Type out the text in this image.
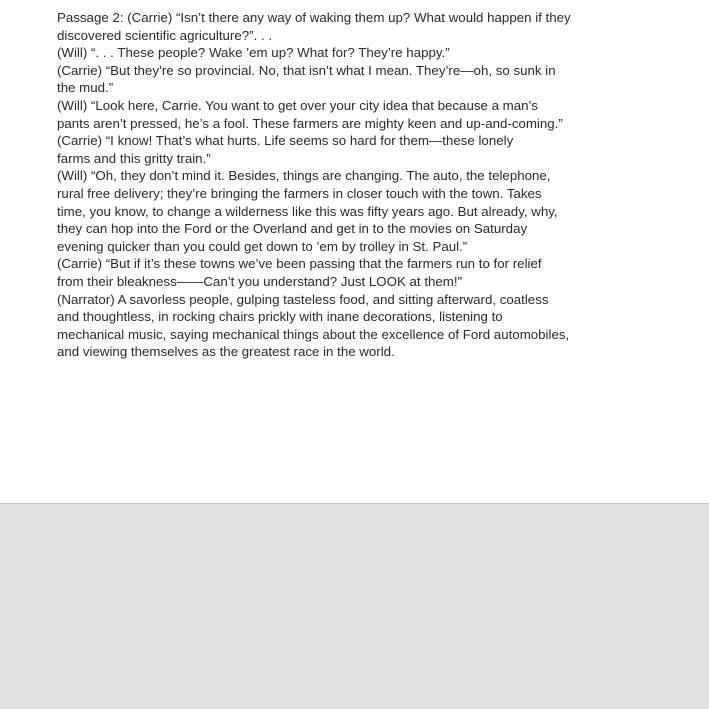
Passage 2: (Carrie) “Isn’t there any way of waking them up? What would happen if they
discovered scientific agriculture?”. . .

(Will) “. . . These people? Wake ’em up? What for? They’re happy.”

(Carrie) “But they’re so provincial. No, that isn’t what I mean. They’re—oh, so sunk in
the mud.”

(Will) “Look here, Carrie. You want to get over your city idea that because a man’s
pants aren’t pressed, he’s a fool. These farmers are mighty keen and up-and-coming.”

(Carrie) “I know! That’s what hurts. Life seems so hard for them—these lonely
farms and this gritty train.”

(Will) “Oh, they don’t mind it. Besides, things are changing. The auto, the telephone,
rural free delivery; they’re bringing the farmers in closer touch with the town. Takes
time, you know, to change a wilderness like this was fifty years ago. But already, why,
they can hop into the Ford or the Overland and get in to the movies on Saturday
evening quicker than you could get down to ’em by trolley in St. Paul.”

(Carrie) “But if it’s these towns we’ve been passing that the farmers run to for relief
from their bleakness——Can’t you understand? Just LOOK at them!”

(Narrator) A savorless people, gulping tasteless food, and sitting afterward, coatless
and thoughtless, in rocking chairs prickly with inane decorations, listening to
mechanical music, saying mechanical things about the excellence of Ford automobiles,
and viewing themselves as the greatest race in the world.
